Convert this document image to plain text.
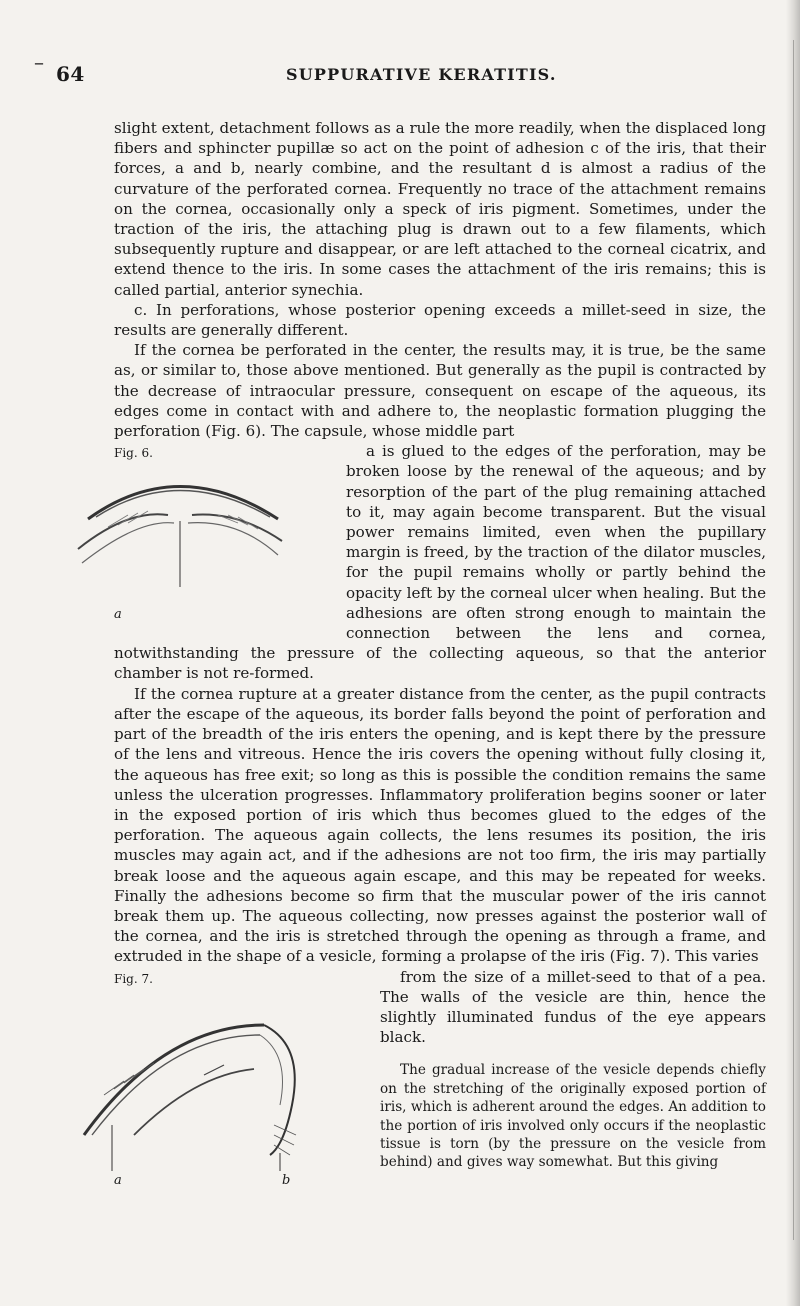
– 64	SUPPURATIVE KERATITIS.

slight extent, detachment follows as a rule the more readily, when the displaced long fibers and sphincter pupillæ so act on the point of adhesion c of the iris, that their forces, a and b, nearly combine, and the resultant d is almost a radius of the curvature of the perforated cornea. Frequently no trace of the attachment remains on the cornea, occasionally only a speck of iris pigment. Sometimes, under the traction of the iris, the attaching plug is drawn out to a few filaments, which subsequently rupture and disappear, or are left attached to the corneal cicatrix, and extend thence to the iris. In some cases the attachment of the iris remains; this is called partial, anterior synechia.

c. In perforations, whose posterior opening exceeds a millet-seed in size, the results are generally different.

If the cornea be perforated in the center, the results may, it is true, be the same as, or similar to, those above mentioned. But generally as the pupil is contracted by the decrease of intraocular pressure, consequent on escape of the aqueous, its edges come in contact with and adhere to, the neoplastic formation plugging the perforation (Fig. 6). The capsule, whose middle part

Fig. 6.
a

a is glued to the edges of the perforation, may be broken loose by the renewal of the aqueous; and by resorption of the part of the plug remaining attached to it, may again become transparent. But the visual power remains limited, even when the pupillary margin is freed, by the traction of the dilator muscles, for the pupil remains wholly or partly behind the opacity left by the corneal ulcer when healing. But the adhesions are often strong enough to maintain the connection between the lens and cornea, notwithstanding the pressure of the collecting aqueous, so that the anterior chamber is not re-formed.

If the cornea rupture at a greater distance from the center, as the pupil contracts after the escape of the aqueous, its border falls beyond the point of perforation and part of the breadth of the iris enters the opening, and is kept there by the pressure of the lens and vitreous. Hence the iris covers the opening without fully closing it, the aqueous has free exit; so long as this is possible the condition remains the same unless the ulceration progresses. Inflammatory proliferation begins sooner or later in the exposed portion of iris which thus becomes glued to the edges of the perforation. The aqueous again collects, the lens resumes its position, the iris muscles may again act, and if the adhesions are not too firm, the iris may partially break loose and the aqueous again escape, and this may be repeated for weeks. Finally the adhesions become so firm that the muscular power of the iris cannot break them up. The aqueous collecting, now presses against the posterior wall of the cornea, and the iris is stretched through the opening as through a frame, and extruded in the shape of a vesicle, forming a prolapse of the iris (Fig. 7). This varies

Fig. 7.
a	b

from the size of a millet-seed to that of a pea. The walls of the vesicle are thin, hence the slightly illuminated fundus of the eye appears black.

The gradual increase of the vesicle depends chiefly on the stretching of the originally exposed portion of iris, which is adherent around the edges. An addition to the portion of iris involved only occurs if the neoplastic tissue is torn (by the pressure on the vesicle from behind) and gives way somewhat. But this giving
